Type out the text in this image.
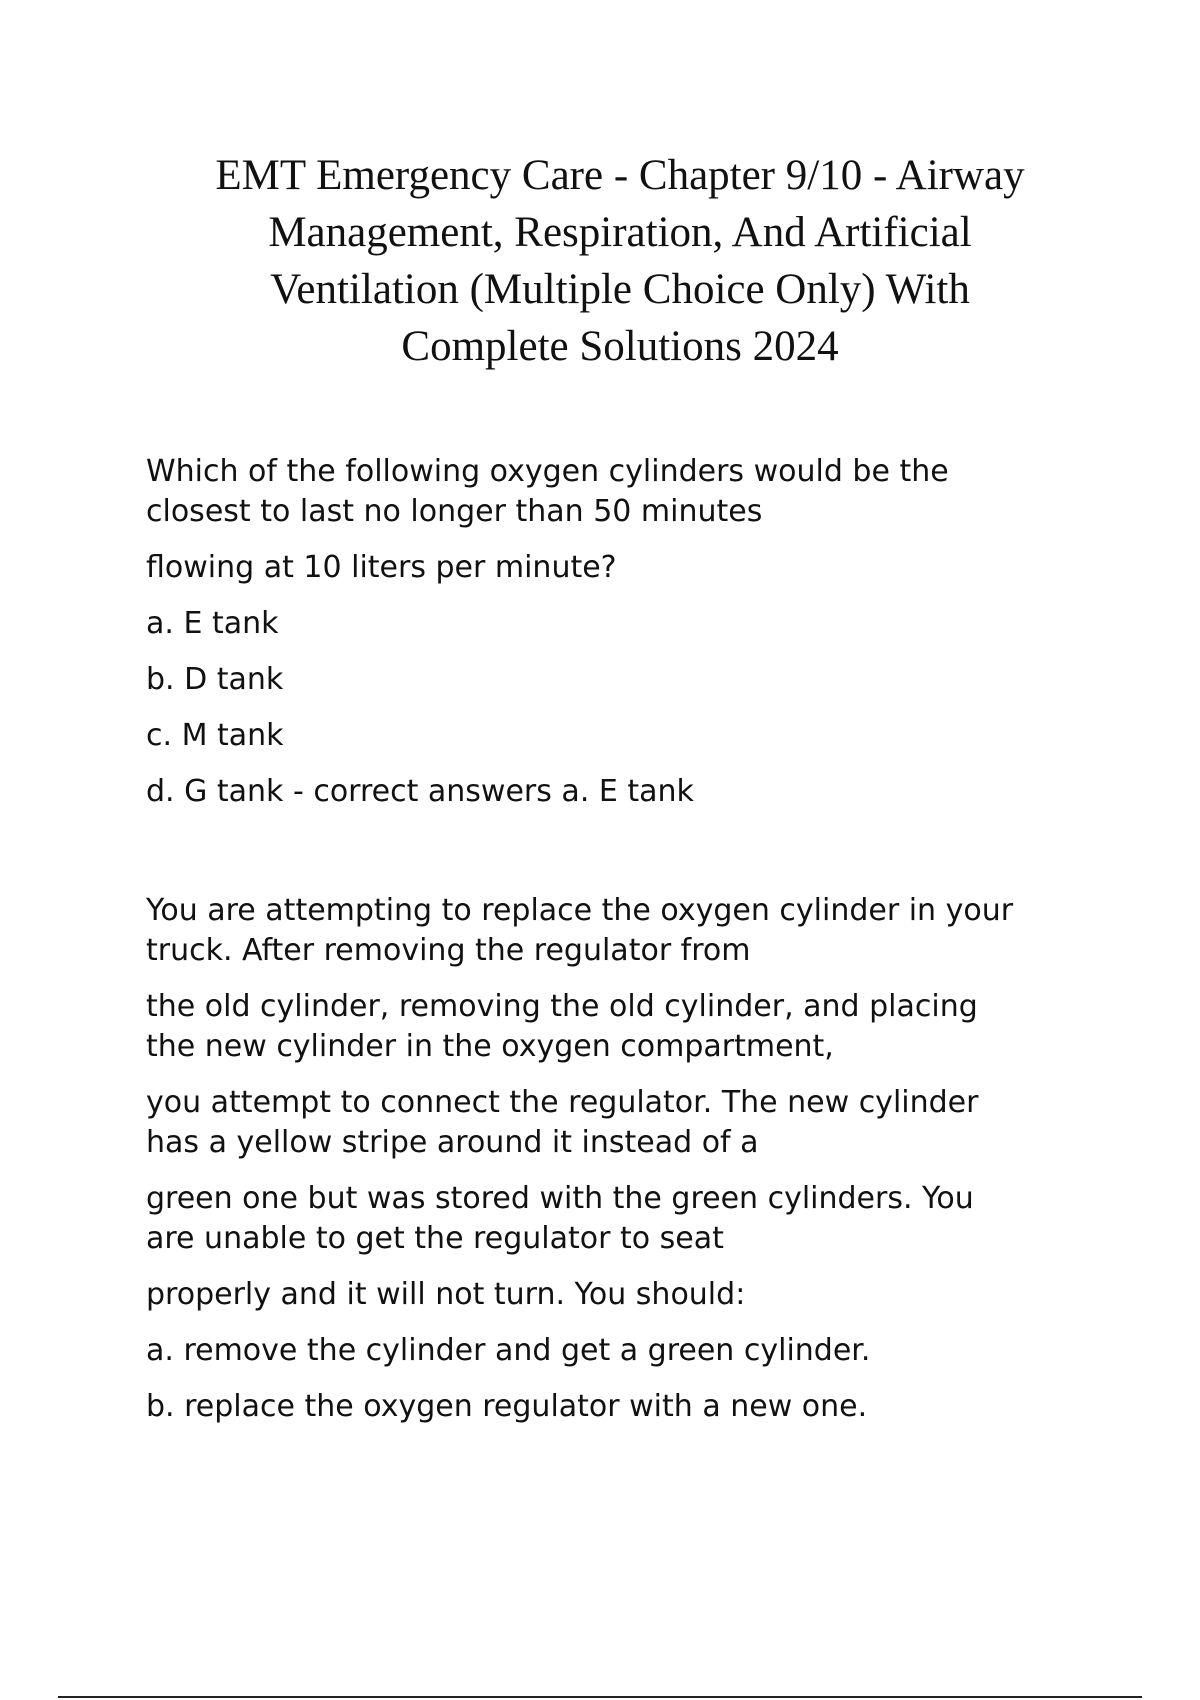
EMT Emergency Care - Chapter 9/10 - Airway
Management, Respiration, And Artificial
Ventilation (Multiple Choice Only) With
Complete Solutions 2024

Which of the following oxygen cylinders would be the
closest to last no longer than 50 minutes

flowing at 10 liters per minute?

a. E tank

b. D tank

c. M tank

d. G tank - correct answers a. E tank

You are attempting to replace the oxygen cylinder in your
truck. After removing the regulator from

the old cylinder, removing the old cylinder, and placing
the new cylinder in the oxygen compartment,

you attempt to connect the regulator. The new cylinder
has a yellow stripe around it instead of a

green one but was stored with the green cylinders. You
are unable to get the regulator to seat

properly and it will not turn. You should:

a. remove the cylinder and get a green cylinder.

b. replace the oxygen regulator with a new one.
